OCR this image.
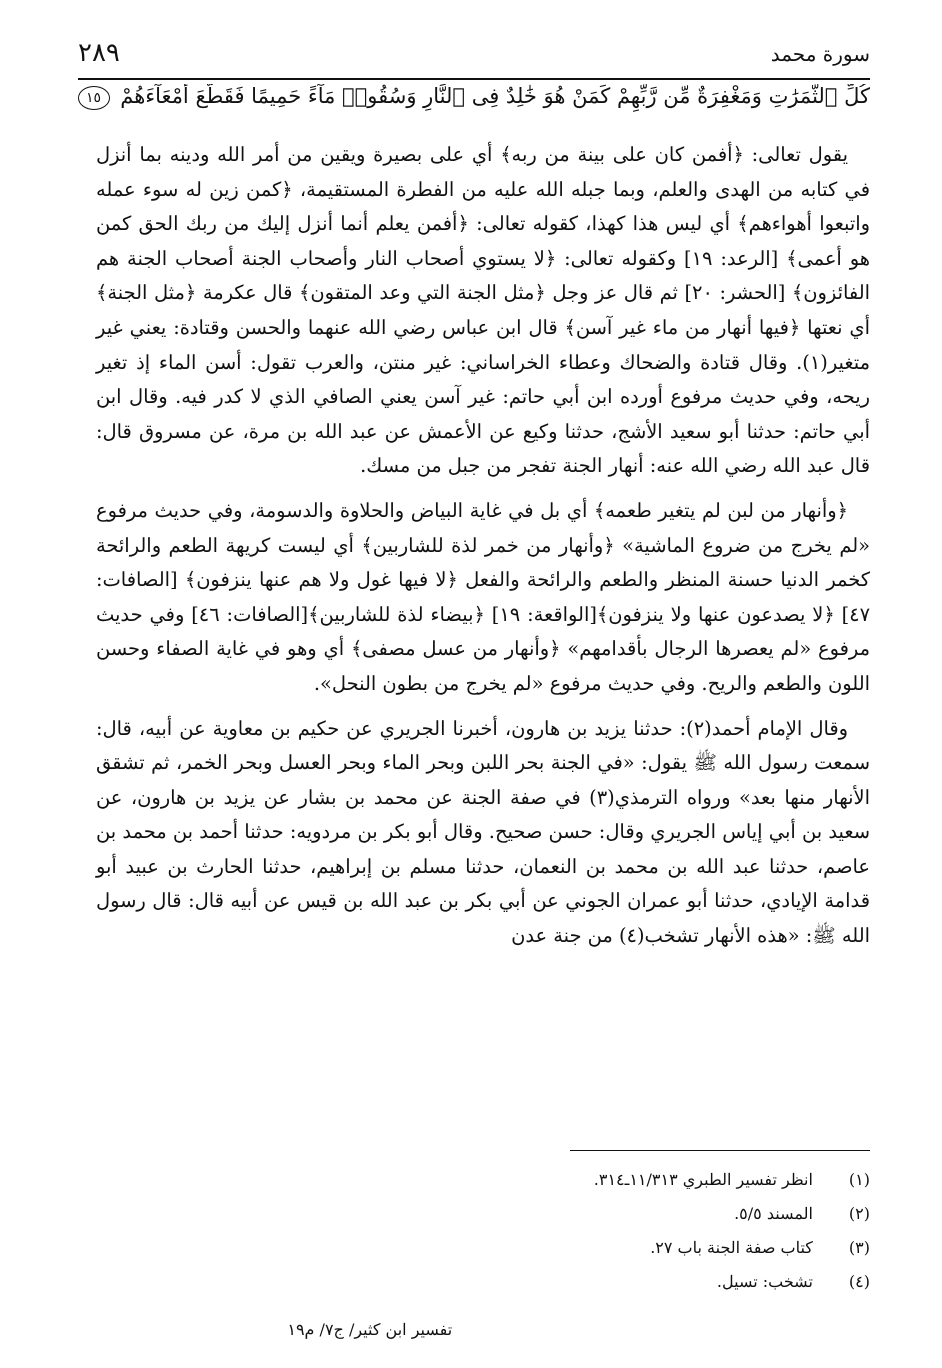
سورة محمد
٢٨٩
كُلِّ ٱلثَّمَرَٰتِ وَمَغْفِرَةٌ مِّن رَّبِّهِمْ كَمَنْ هُوَ خَٰلِدٌ فِى ٱلنَّارِ وَسُقُوا۟ مَآءً حَمِيمًا فَقَطَّعَ أَمْعَآءَهُمْ ١٥

يقول تعالى: ﴿أفمن كان على بينة من ربه﴾ أي على بصيرة ويقين من أمر الله ودينه بما أنزل في كتابه من الهدى والعلم، وبما جبله الله عليه من الفطرة المستقيمة، ﴿كمن زين له سوء عمله واتبعوا أهواءهم﴾ أي ليس هذا كهذا، كقوله تعالى: ﴿أفمن يعلم أنما أنزل إليك من ربك الحق كمن هو أعمى﴾ [الرعد: ١٩] وكقوله تعالى: ﴿لا يستوي أصحاب النار وأصحاب الجنة أصحاب الجنة هم الفائزون﴾ [الحشر: ٢٠] ثم قال عز وجل ﴿مثل الجنة التي وعد المتقون﴾ قال عكرمة ﴿مثل الجنة﴾ أي نعتها ﴿فيها أنهار من ماء غير آسن﴾ قال ابن عباس رضي الله عنهما والحسن وقتادة: يعني غير متغير(١). وقال قتادة والضحاك وعطاء الخراساني: غير منتن، والعرب تقول: أسن الماء إذ تغير ريحه، وفي حديث مرفوع أورده ابن أبي حاتم: غير آسن يعني الصافي الذي لا كدر فيه. وقال ابن أبي حاتم: حدثنا أبو سعيد الأشج، حدثنا وكيع عن الأعمش عن عبد الله بن مرة، عن مسروق قال: قال عبد الله رضي الله عنه: أنهار الجنة تفجر من جبل من مسك.

﴿وأنهار من لبن لم يتغير طعمه﴾ أي بل في غاية البياض والحلاوة والدسومة، وفي حديث مرفوع «لم يخرج من ضروع الماشية» ﴿وأنهار من خمر لذة للشاربين﴾ أي ليست كريهة الطعم والرائحة كخمر الدنيا حسنة المنظر والطعم والرائحة والفعل ﴿لا فيها غول ولا هم عنها ينزفون﴾ [الصافات: ٤٧] ﴿لا يصدعون عنها ولا ينزفون﴾[الواقعة: ١٩] ﴿بيضاء لذة للشاربين﴾[الصافات: ٤٦] وفي حديث مرفوع «لم يعصرها الرجال بأقدامهم» ﴿وأنهار من عسل مصفى﴾ أي وهو في غاية الصفاء وحسن اللون والطعم والريح. وفي حديث مرفوع «لم يخرج من بطون النحل».

وقال الإمام أحمد(٢): حدثنا يزيد بن هارون، أخبرنا الجريري عن حكيم بن معاوية عن أبيه، قال: سمعت رسول الله ﷺ يقول: «في الجنة بحر اللبن وبحر الماء وبحر العسل وبحر الخمر، ثم تشقق الأنهار منها بعد» ورواه الترمذي(٣) في صفة الجنة عن محمد بن بشار عن يزيد بن هارون، عن سعيد بن أبي إياس الجريري وقال: حسن صحيح. وقال أبو بكر بن مردويه: حدثنا أحمد بن محمد بن عاصم، حدثنا عبد الله بن محمد بن النعمان، حدثنا مسلم بن إبراهيم، حدثنا الحارث بن عبيد أبو قدامة الإيادي، حدثنا أبو عمران الجوني عن أبي بكر بن عبد الله بن قيس عن أبيه قال: قال رسول الله ﷺ: «هذه الأنهار تشخب(٤) من جنة عدن

(١) انظر تفسير الطبري ١١/٣١٣ـ٣١٤.
(٢) المسند ٥/٥.
(٣) كتاب صفة الجنة باب ٢٧.
(٤) تشخب: تسيل.
تفسير ابن كثير/ ج٧/ م١٩
